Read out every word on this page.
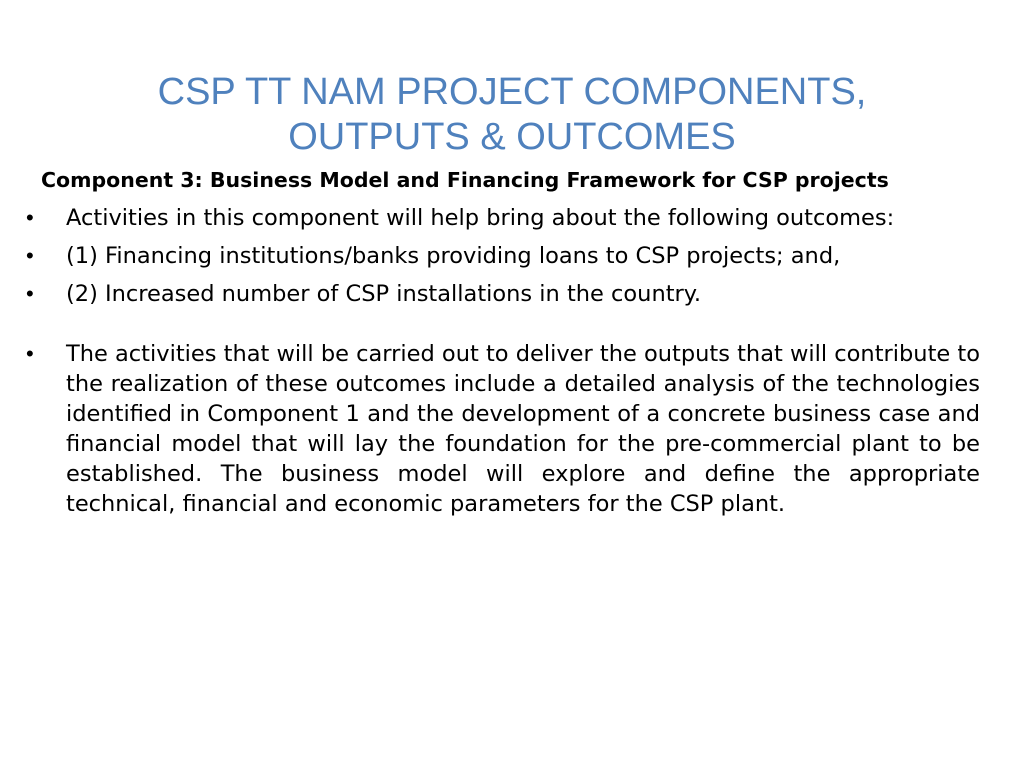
CSP TT NAM PROJECT COMPONENTS,
OUTPUTS & OUTCOMES

Component 3: Business Model and Financing Framework for CSP projects

• Activities in this component will help bring about the following outcomes:
• (1) Financing institutions/banks providing loans to CSP projects; and,
• (2) Increased number of CSP installations in the country.
• The activities that will be carried out to deliver the outputs that will contribute to the realization of these outcomes include a detailed analysis of the technologies identified in Component 1 and the development of a concrete business case and financial model that will lay the foundation for the pre-commercial plant to be established. The business model will explore and define the appropriate technical, financial and economic parameters for the CSP plant.
